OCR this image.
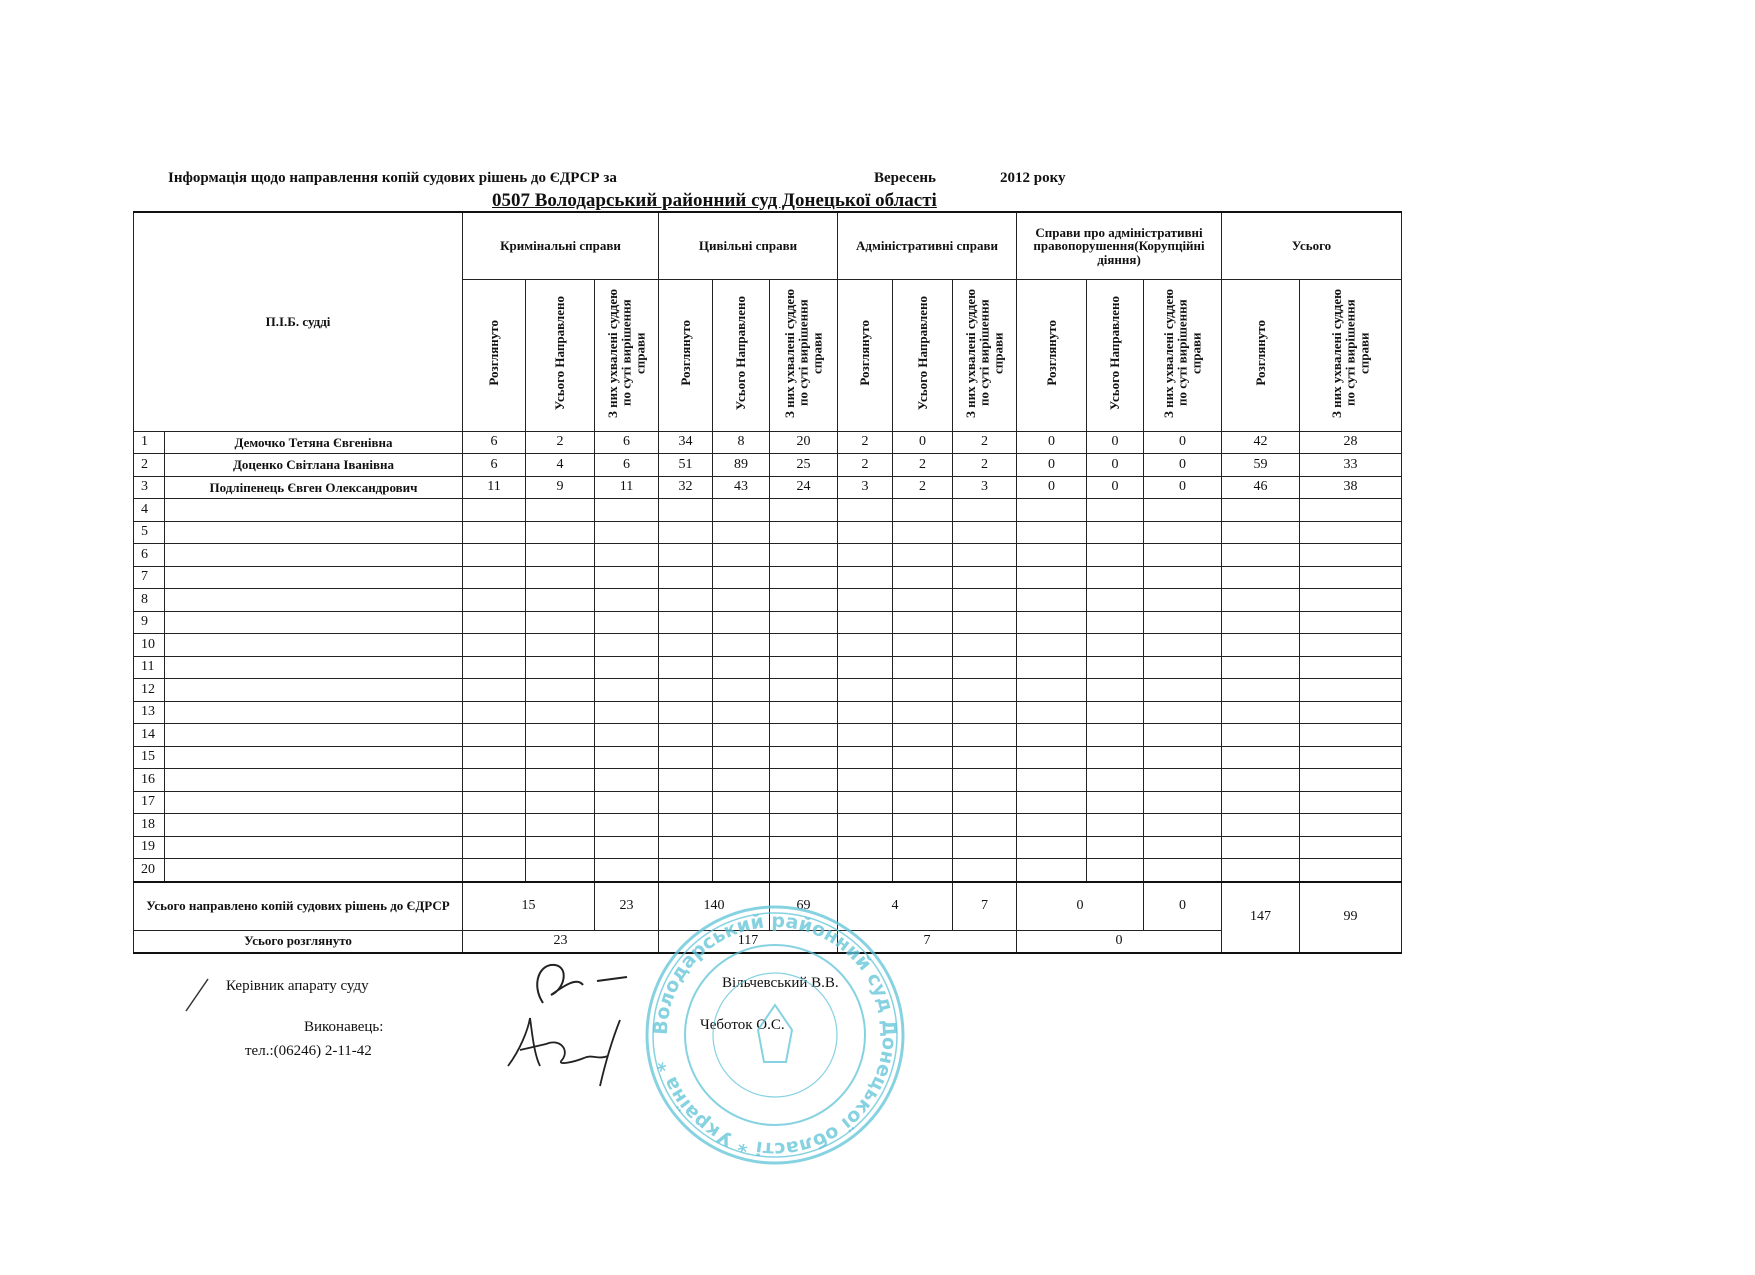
Інформація щодо направлення копій судових рішень до ЄДРСР за	Вересень	2012 року
0507 Володарський районний суд Донецької області
П.І.Б. судді		Кримінальні справи			Цивільні справи			Адміністративні справи			Справи про адміністративні правопорушення(Корупційні діяння)			Усього	
		Розглянуто	Усього Направлено	З них ухвалені суддею по суті вирішення справи	Розглянуто	Усього Направлено	З них ухвалені суддею по суті вирішення справи	Розглянуто	Усього Направлено	З них ухвалені суддею по суті вирішення справи	Розглянуто	Усього Направлено	З них ухвалені суддею по суті вирішення справи	Розглянуто	З них ухвалені суддею по суті вирішення справи
1	Демочко Тетяна Євгенівна	6	2	6	34	8	20	2	0	2	0	0	0	42	28
2	Доценко Світлана Іванівна	6	4	6	51	89	25	2	2	2	0	0	0	59	33
3	Подліпенець Євген Олександрович	11	9	11	32	43	24	3	2	3	0	0	0	46	38
4															
5															
6															
7															
8															
9															
10															
11															
12															
13															
14															
15															
16															
17															
18															
19															
20															
Усього направлено копій судових рішень до ЄДРСР		15		23	140		69	4		7	0		0	147	99
Усього розглянуто		23			117			7			0				
Керівник апарату суду	Вільчевський В.В.
Виконавець:	Чеботок О.С.
тел.:(06246) 2-11-42
Володарський районний суд Донецької області * Україна *
